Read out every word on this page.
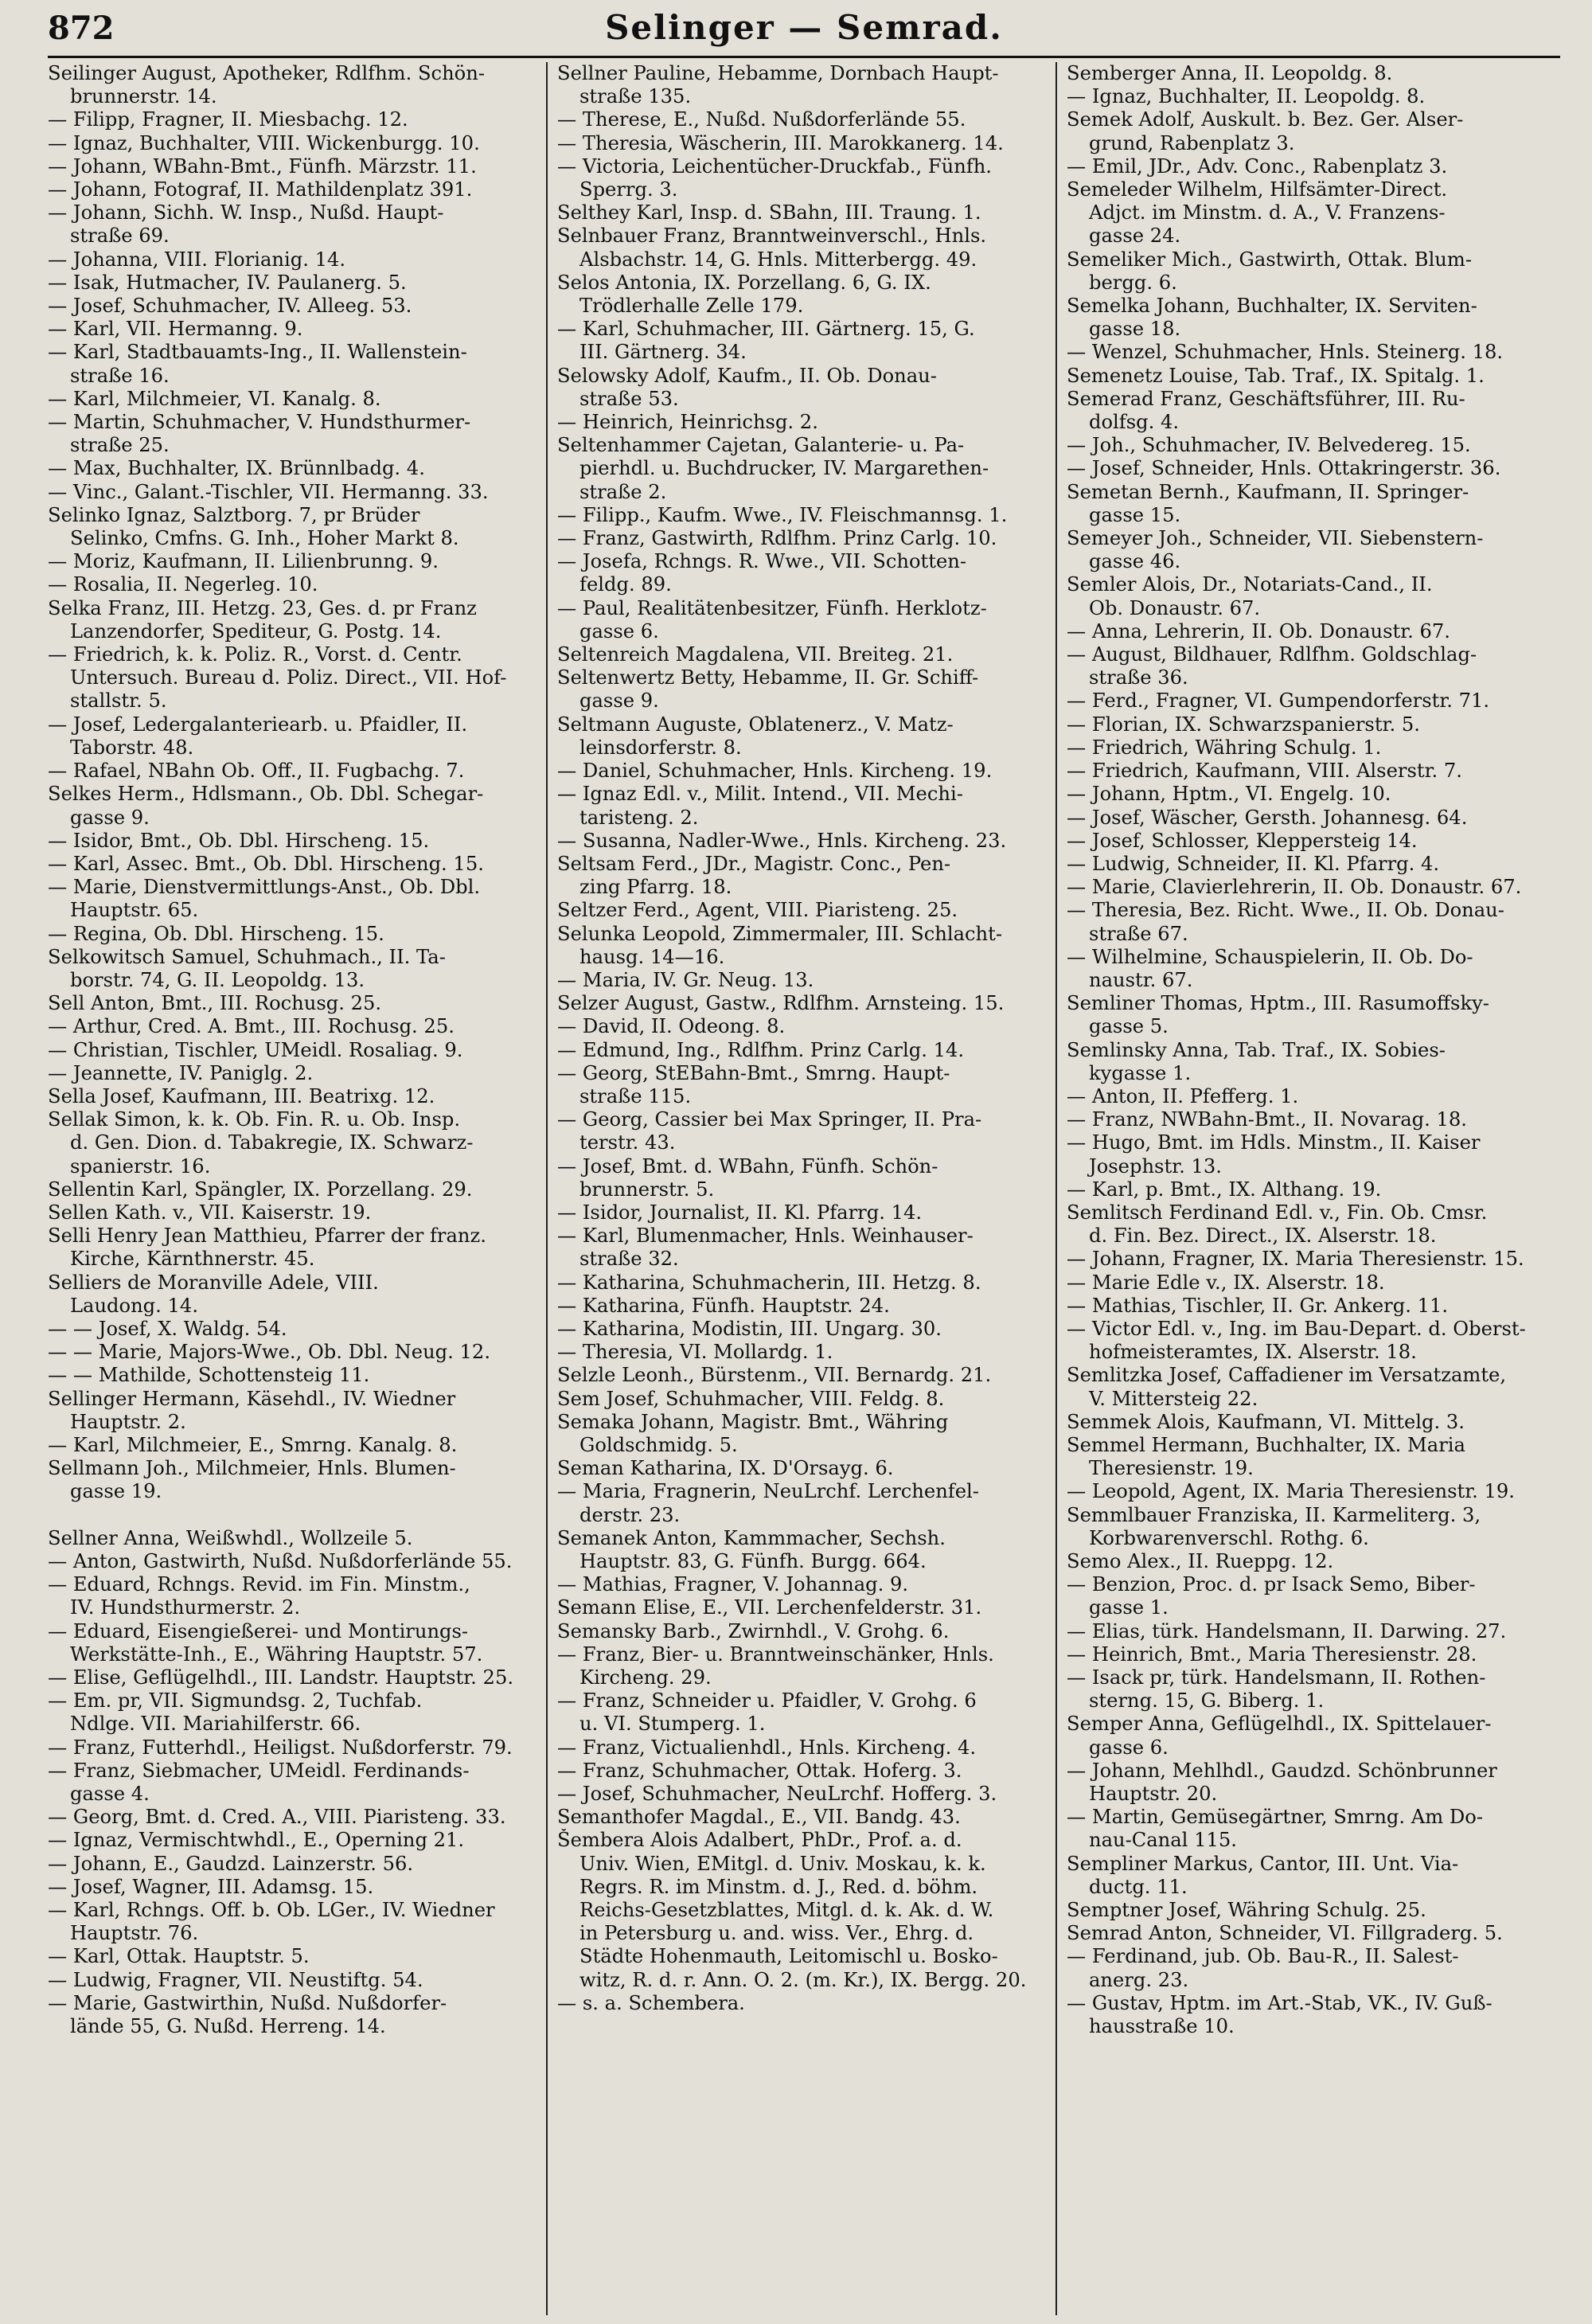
872	Selinger — Semrad.
Seilinger August, Apotheker, Rdlfhm. Schön-
brunnerstr. 14.
— Filipp, Fragner, II. Miesbachg. 12.
— Ignaz, Buchhalter, VIII. Wickenburgg. 10.
— Johann, WBahn-Bmt., Fünfh. Märzstr. 11.
— Johann, Fotograf, II. Mathildenplatz 391.
— Johann, Sichh. W. Insp., Nußd. Haupt-
straße 69.
— Johanna, VIII. Florianig. 14.
— Isak, Hutmacher, IV. Paulanerg. 5.
— Josef, Schuhmacher, IV. Alleeg. 53.
— Karl, VII. Hermanng. 9.
— Karl, Stadtbauamts-Ing., II. Wallenstein-
straße 16.
— Karl, Milchmeier, VI. Kanalg. 8.
— Martin, Schuhmacher, V. Hundsthurmer-
straße 25.
— Max, Buchhalter, IX. Brünnlbadg. 4.
— Vinc., Galant.-Tischler, VII. Hermanng. 33.
Selinko Ignaz, Salztborg. 7, pr Brüder
Selinko, Cmfns. G. Inh., Hoher Markt 8.
— Moriz, Kaufmann, II. Lilienbrunng. 9.
— Rosalia, II. Negerleg. 10.
Selka Franz, III. Hetzg. 23, Ges. d. pr Franz
Lanzendorfer, Spediteur, G. Postg. 14.
— Friedrich, k. k. Poliz. R., Vorst. d. Centr.
Untersuch. Bureau d. Poliz. Direct., VII. Hof-
stallstr. 5.
— Josef, Ledergalanteriearb. u. Pfaidler, II.
Taborstr. 48.
— Rafael, NBahn Ob. Off., II. Fugbachg. 7.
Selkes Herm., Hdlsmann., Ob. Dbl. Schegar-
gasse 9.
— Isidor, Bmt., Ob. Dbl. Hirscheng. 15.
— Karl, Assec. Bmt., Ob. Dbl. Hirscheng. 15.
— Marie, Dienstvermittlungs-Anst., Ob. Dbl.
Hauptstr. 65.
— Regina, Ob. Dbl. Hirscheng. 15.
Selkowitsch Samuel, Schuhmach., II. Ta-
borstr. 74, G. II. Leopoldg. 13.
Sell Anton, Bmt., III. Rochusg. 25.
— Arthur, Cred. A. Bmt., III. Rochusg. 25.
— Christian, Tischler, UMeidl. Rosaliag. 9.
— Jeannette, IV. Paniglg. 2.
Sella Josef, Kaufmann, III. Beatrixg. 12.
Sellak Simon, k. k. Ob. Fin. R. u. Ob. Insp.
d. Gen. Dion. d. Tabakregie, IX. Schwarz-
spanierstr. 16.
Sellentin Karl, Spängler, IX. Porzellang. 29.
Sellen Kath. v., VII. Kaiserstr. 19.
Selli Henry Jean Matthieu, Pfarrer der franz.
Kirche, Kärnthnerstr. 45.
Selliers de Moranville Adele, VIII.
Laudong. 14.
— — Josef, X. Waldg. 54.
— — Marie, Majors-Wwe., Ob. Dbl. Neug. 12.
— — Mathilde, Schottensteig 11.
Sellinger Hermann, Käsehdl., IV. Wiedner
Hauptstr. 2.
— Karl, Milchmeier, E., Smrng. Kanalg. 8.
Sellmann Joh., Milchmeier, Hnls. Blumen-
gasse 19.

Sellner Anna, Weißwhdl., Wollzeile 5.
— Anton, Gastwirth, Nußd. Nußdorferlände 55.
— Eduard, Rchngs. Revid. im Fin. Minstm.,
IV. Hundsthurmerstr. 2.
— Eduard, Eisengießerei- und Montirungs-
Werkstätte-Inh., E., Währing Hauptstr. 57.
— Elise, Geflügelhdl., III. Landstr. Hauptstr. 25.
— Em. pr, VII. Sigmundsg. 2, Tuchfab.
Ndlge. VII. Mariahilferstr. 66.
— Franz, Futterhdl., Heiligst. Nußdorferstr. 79.
— Franz, Siebmacher, UMeidl. Ferdinands-
gasse 4.
— Georg, Bmt. d. Cred. A., VIII. Piaristeng. 33.
— Ignaz, Vermischtwhdl., E., Operning 21.
— Johann, E., Gaudzd. Lainzerstr. 56.
— Josef, Wagner, III. Adamsg. 15.
— Karl, Rchngs. Off. b. Ob. LGer., IV. Wiedner
Hauptstr. 76.
— Karl, Ottak. Hauptstr. 5.
— Ludwig, Fragner, VII. Neustiftg. 54.
— Marie, Gastwirthin, Nußd. Nußdorfer-
lände 55, G. Nußd. Herreng. 14.
Sellner Pauline, Hebamme, Dornbach Haupt-
straße 135.
— Therese, E., Nußd. Nußdorferlände 55.
— Theresia, Wäscherin, III. Marokkanerg. 14.
— Victoria, Leichentücher-Druckfab., Fünfh.
Sperrg. 3.
Selthey Karl, Insp. d. SBahn, III. Traung. 1.
Selnbauer Franz, Branntweinverschl., Hnls.
Alsbachstr. 14, G. Hnls. Mitterbergg. 49.
Selos Antonia, IX. Porzellang. 6, G. IX.
Trödlerhalle Zelle 179.
— Karl, Schuhmacher, III. Gärtnerg. 15, G.
III. Gärtnerg. 34.
Selowsky Adolf, Kaufm., II. Ob. Donau-
straße 53.
— Heinrich, Heinrichsg. 2.
Seltenhammer Cajetan, Galanterie- u. Pa-
pierhdl. u. Buchdrucker, IV. Margarethen-
straße 2.
— Filipp., Kaufm. Wwe., IV. Fleischmannsg. 1.
— Franz, Gastwirth, Rdlfhm. Prinz Carlg. 10.
— Josefa, Rchngs. R. Wwe., VII. Schotten-
feldg. 89.
— Paul, Realitätenbesitzer, Fünfh. Herklotz-
gasse 6.
Seltenreich Magdalena, VII. Breiteg. 21.
Seltenwertz Betty, Hebamme, II. Gr. Schiff-
gasse 9.
Seltmann Auguste, Oblatenerz., V. Matz-
leinsdorferstr. 8.
— Daniel, Schuhmacher, Hnls. Kircheng. 19.
— Ignaz Edl. v., Milit. Intend., VII. Mechi-
taristeng. 2.
— Susanna, Nadler-Wwe., Hnls. Kircheng. 23.
Seltsam Ferd., JDr., Magistr. Conc., Pen-
zing Pfarrg. 18.
Seltzer Ferd., Agent, VIII. Piaristeng. 25.
Selunka Leopold, Zimmermaler, III. Schlacht-
hausg. 14—16.
— Maria, IV. Gr. Neug. 13.
Selzer August, Gastw., Rdlfhm. Arnsteing. 15.
— David, II. Odeong. 8.
— Edmund, Ing., Rdlfhm. Prinz Carlg. 14.
— Georg, StEBahn-Bmt., Smrng. Haupt-
straße 115.
— Georg, Cassier bei Max Springer, II. Pra-
terstr. 43.
— Josef, Bmt. d. WBahn, Fünfh. Schön-
brunnerstr. 5.
— Isidor, Journalist, II. Kl. Pfarrg. 14.
— Karl, Blumenmacher, Hnls. Weinhauser-
straße 32.
— Katharina, Schuhmacherin, III. Hetzg. 8.
— Katharina, Fünfh. Hauptstr. 24.
— Katharina, Modistin, III. Ungarg. 30.
— Theresia, VI. Mollardg. 1.
Selzle Leonh., Bürstenm., VII. Bernardg. 21.
Sem Josef, Schuhmacher, VIII. Feldg. 8.
Semaka Johann, Magistr. Bmt., Währing
Goldschmidg. 5.
Seman Katharina, IX. D'Orsayg. 6.
— Maria, Fragnerin, NeuLrchf. Lerchenfel-
derstr. 23.
Semanek Anton, Kammmacher, Sechsh.
Hauptstr. 83, G. Fünfh. Burgg. 664.
— Mathias, Fragner, V. Johannag. 9.
Semann Elise, E., VII. Lerchenfelderstr. 31.
Semansky Barb., Zwirnhdl., V. Grohg. 6.
— Franz, Bier- u. Branntweinschänker, Hnls.
Kircheng. 29.
— Franz, Schneider u. Pfaidler, V. Grohg. 6
u. VI. Stumperg. 1.
— Franz, Victualienhdl., Hnls. Kircheng. 4.
— Franz, Schuhmacher, Ottak. Hoferg. 3.
— Josef, Schuhmacher, NeuLrchf. Hofferg. 3.
Semanthofer Magdal., E., VII. Bandg. 43.
Šembera Alois Adalbert, PhDr., Prof. a. d.
Univ. Wien, EMitgl. d. Univ. Moskau, k. k.
Regrs. R. im Minstm. d. J., Red. d. böhm.
Reichs-Gesetzblattes, Mitgl. d. k. Ak. d. W.
in Petersburg u. and. wiss. Ver., Ehrg. d.
Städte Hohenmauth, Leitomischl u. Bosko-
witz, R. d. r. Ann. O. 2. (m. Kr.), IX. Bergg. 20.
— s. a. Schembera.
Semberger Anna, II. Leopoldg. 8.
— Ignaz, Buchhalter, II. Leopoldg. 8.
Semek Adolf, Auskult. b. Bez. Ger. Alser-
grund, Rabenplatz 3.
— Emil, JDr., Adv. Conc., Rabenplatz 3.
Semeleder Wilhelm, Hilfsämter-Direct.
Adjct. im Minstm. d. A., V. Franzens-
gasse 24.
Semeliker Mich., Gastwirth, Ottak. Blum-
bergg. 6.
Semelka Johann, Buchhalter, IX. Serviten-
gasse 18.
— Wenzel, Schuhmacher, Hnls. Steinerg. 18.
Semenetz Louise, Tab. Traf., IX. Spitalg. 1.
Semerad Franz, Geschäftsführer, III. Ru-
dolfsg. 4.
— Joh., Schuhmacher, IV. Belvedereg. 15.
— Josef, Schneider, Hnls. Ottakringerstr. 36.
Semetan Bernh., Kaufmann, II. Springer-
gasse 15.
Semeyer Joh., Schneider, VII. Siebenstern-
gasse 46.
Semler Alois, Dr., Notariats-Cand., II.
Ob. Donaustr. 67.
— Anna, Lehrerin, II. Ob. Donaustr. 67.
— August, Bildhauer, Rdlfhm. Goldschlag-
straße 36.
— Ferd., Fragner, VI. Gumpendorferstr. 71.
— Florian, IX. Schwarzspanierstr. 5.
— Friedrich, Währing Schulg. 1.
— Friedrich, Kaufmann, VIII. Alserstr. 7.
— Johann, Hptm., VI. Engelg. 10.
— Josef, Wäscher, Gersth. Johannesg. 64.
— Josef, Schlosser, Kleppersteig 14.
— Ludwig, Schneider, II. Kl. Pfarrg. 4.
— Marie, Clavierlehrerin, II. Ob. Donaustr. 67.
— Theresia, Bez. Richt. Wwe., II. Ob. Donau-
straße 67.
— Wilhelmine, Schauspielerin, II. Ob. Do-
naustr. 67.
Semliner Thomas, Hptm., III. Rasumoffsky-
gasse 5.
Semlinsky Anna, Tab. Traf., IX. Sobies-
kygasse 1.
— Anton, II. Pfefferg. 1.
— Franz, NWBahn-Bmt., II. Novarag. 18.
— Hugo, Bmt. im Hdls. Minstm., II. Kaiser
Josephstr. 13.
— Karl, p. Bmt., IX. Althang. 19.
Semlitsch Ferdinand Edl. v., Fin. Ob. Cmsr.
d. Fin. Bez. Direct., IX. Alserstr. 18.
— Johann, Fragner, IX. Maria Theresienstr. 15.
— Marie Edle v., IX. Alserstr. 18.
— Mathias, Tischler, II. Gr. Ankerg. 11.
— Victor Edl. v., Ing. im Bau-Depart. d. Oberst-
hofmeisteramtes, IX. Alserstr. 18.
Semlitzka Josef, Caffadiener im Versatzamte,
V. Mittersteig 22.
Semmek Alois, Kaufmann, VI. Mittelg. 3.
Semmel Hermann, Buchhalter, IX. Maria
Theresienstr. 19.
— Leopold, Agent, IX. Maria Theresienstr. 19.
Semmlbauer Franziska, II. Karmeliterg. 3,
Korbwarenverschl. Rothg. 6.
Semo Alex., II. Rueppg. 12.
— Benzion, Proc. d. pr Isack Semo, Biber-
gasse 1.
— Elias, türk. Handelsmann, II. Darwing. 27.
— Heinrich, Bmt., Maria Theresienstr. 28.
— Isack pr, türk. Handelsmann, II. Rothen-
sterng. 15, G. Biberg. 1.
Semper Anna, Geflügelhdl., IX. Spittelauer-
gasse 6.
— Johann, Mehlhdl., Gaudzd. Schönbrunner
Hauptstr. 20.
— Martin, Gemüsegärtner, Smrng. Am Do-
nau-Canal 115.
Sempliner Markus, Cantor, III. Unt. Via-
ductg. 11.
Semptner Josef, Währing Schulg. 25.
Semrad Anton, Schneider, VI. Fillgraderg. 5.
— Ferdinand, jub. Ob. Bau-R., II. Salest-
anerg. 23.
— Gustav, Hptm. im Art.-Stab, VK., IV. Guß-
hausstraße 10.
